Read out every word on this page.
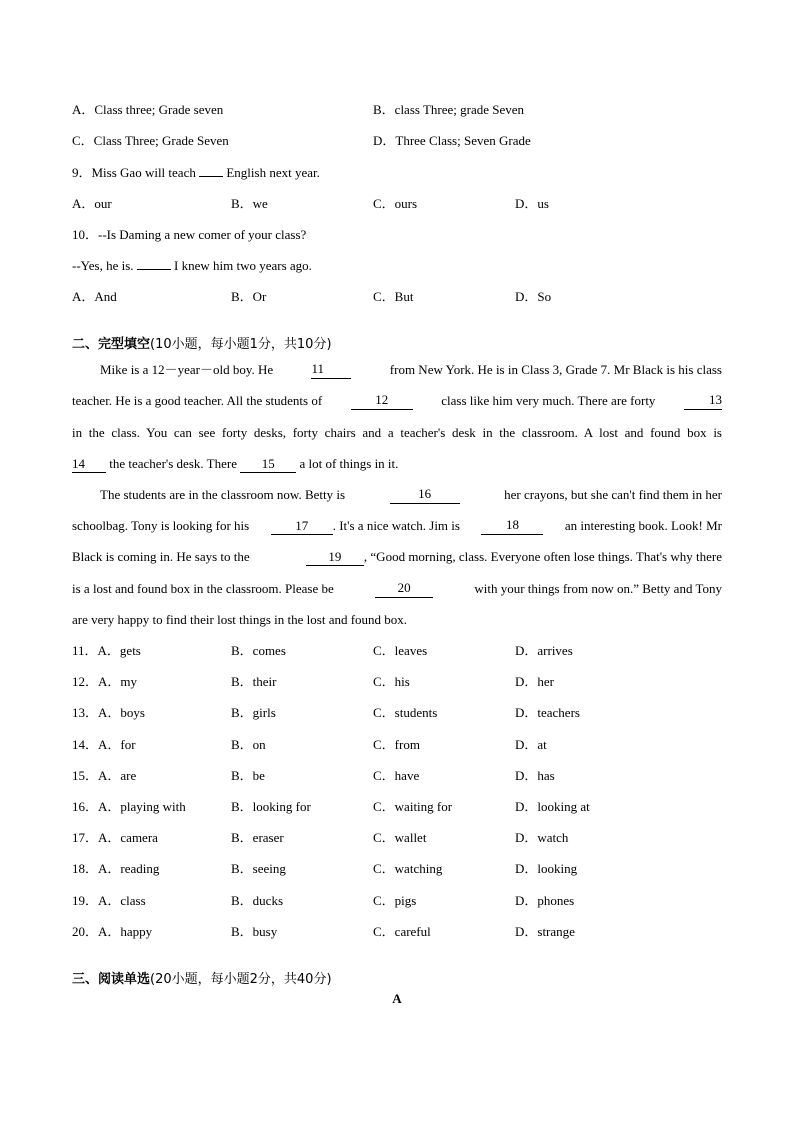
A．Class three; Grade seven	B．class Three; grade Seven
C．Class Three; Grade Seven	D．Three Class; Seven Grade
9．Miss Gao will teach  English next year.
A．our	B．we	C．ours	D．us
10．--Is Daming a new comer of your class?
--Yes, he is.	I knew him two years ago.
A．And	B．Or	C．But	D．So
二、完型填空(10小题，每小题1分，共10分)
Mike is a 12－year－old boy. He	11	from New York. He is in Class 3, Grade 7. Mr Black is his class
teacher. He is a good teacher. All the students of	12	class like him very much. There are forty	13
in the class. You can see forty desks, forty chairs and a teacher's desk in the classroom. A lost and found box is
14 the teacher's desk. There 15 a lot of things in it.
The students are in the classroom now. Betty is	16	her crayons, but she can't find them in her
schoolbag. Tony is looking for his	17 . It's a nice watch. Jim is	18	an interesting book. Look! Mr
Black is coming in. He says to the	19 , “Good morning, class. Everyone often lose things. That's why there
is a lost and found box in the classroom. Please be	20	with your things from now on.” Betty and Tony
are very happy to find their lost things in the lost and found box.
11．A．gets	B．comes	C．leaves	D．arrives
12．A．my	B．their	C．his	D．her
13．A．boys	B．girls	C．students	D．teachers
14．A．for	B．on	C．from	D．at
15．A．are	B．be	C．have	D．has
16．A．playing with	B．looking for	C．waiting for	D．looking at
17．A．camera	B．eraser	C．wallet	D．watch
18．A．reading	B．seeing	C．watching	D．looking
19．A．class	B．ducks	C．pigs	D．phones
20．A．happy	B．busy	C．careful	D．strange
三、阅读单选(20小题，每小题2分，共40分)
A
